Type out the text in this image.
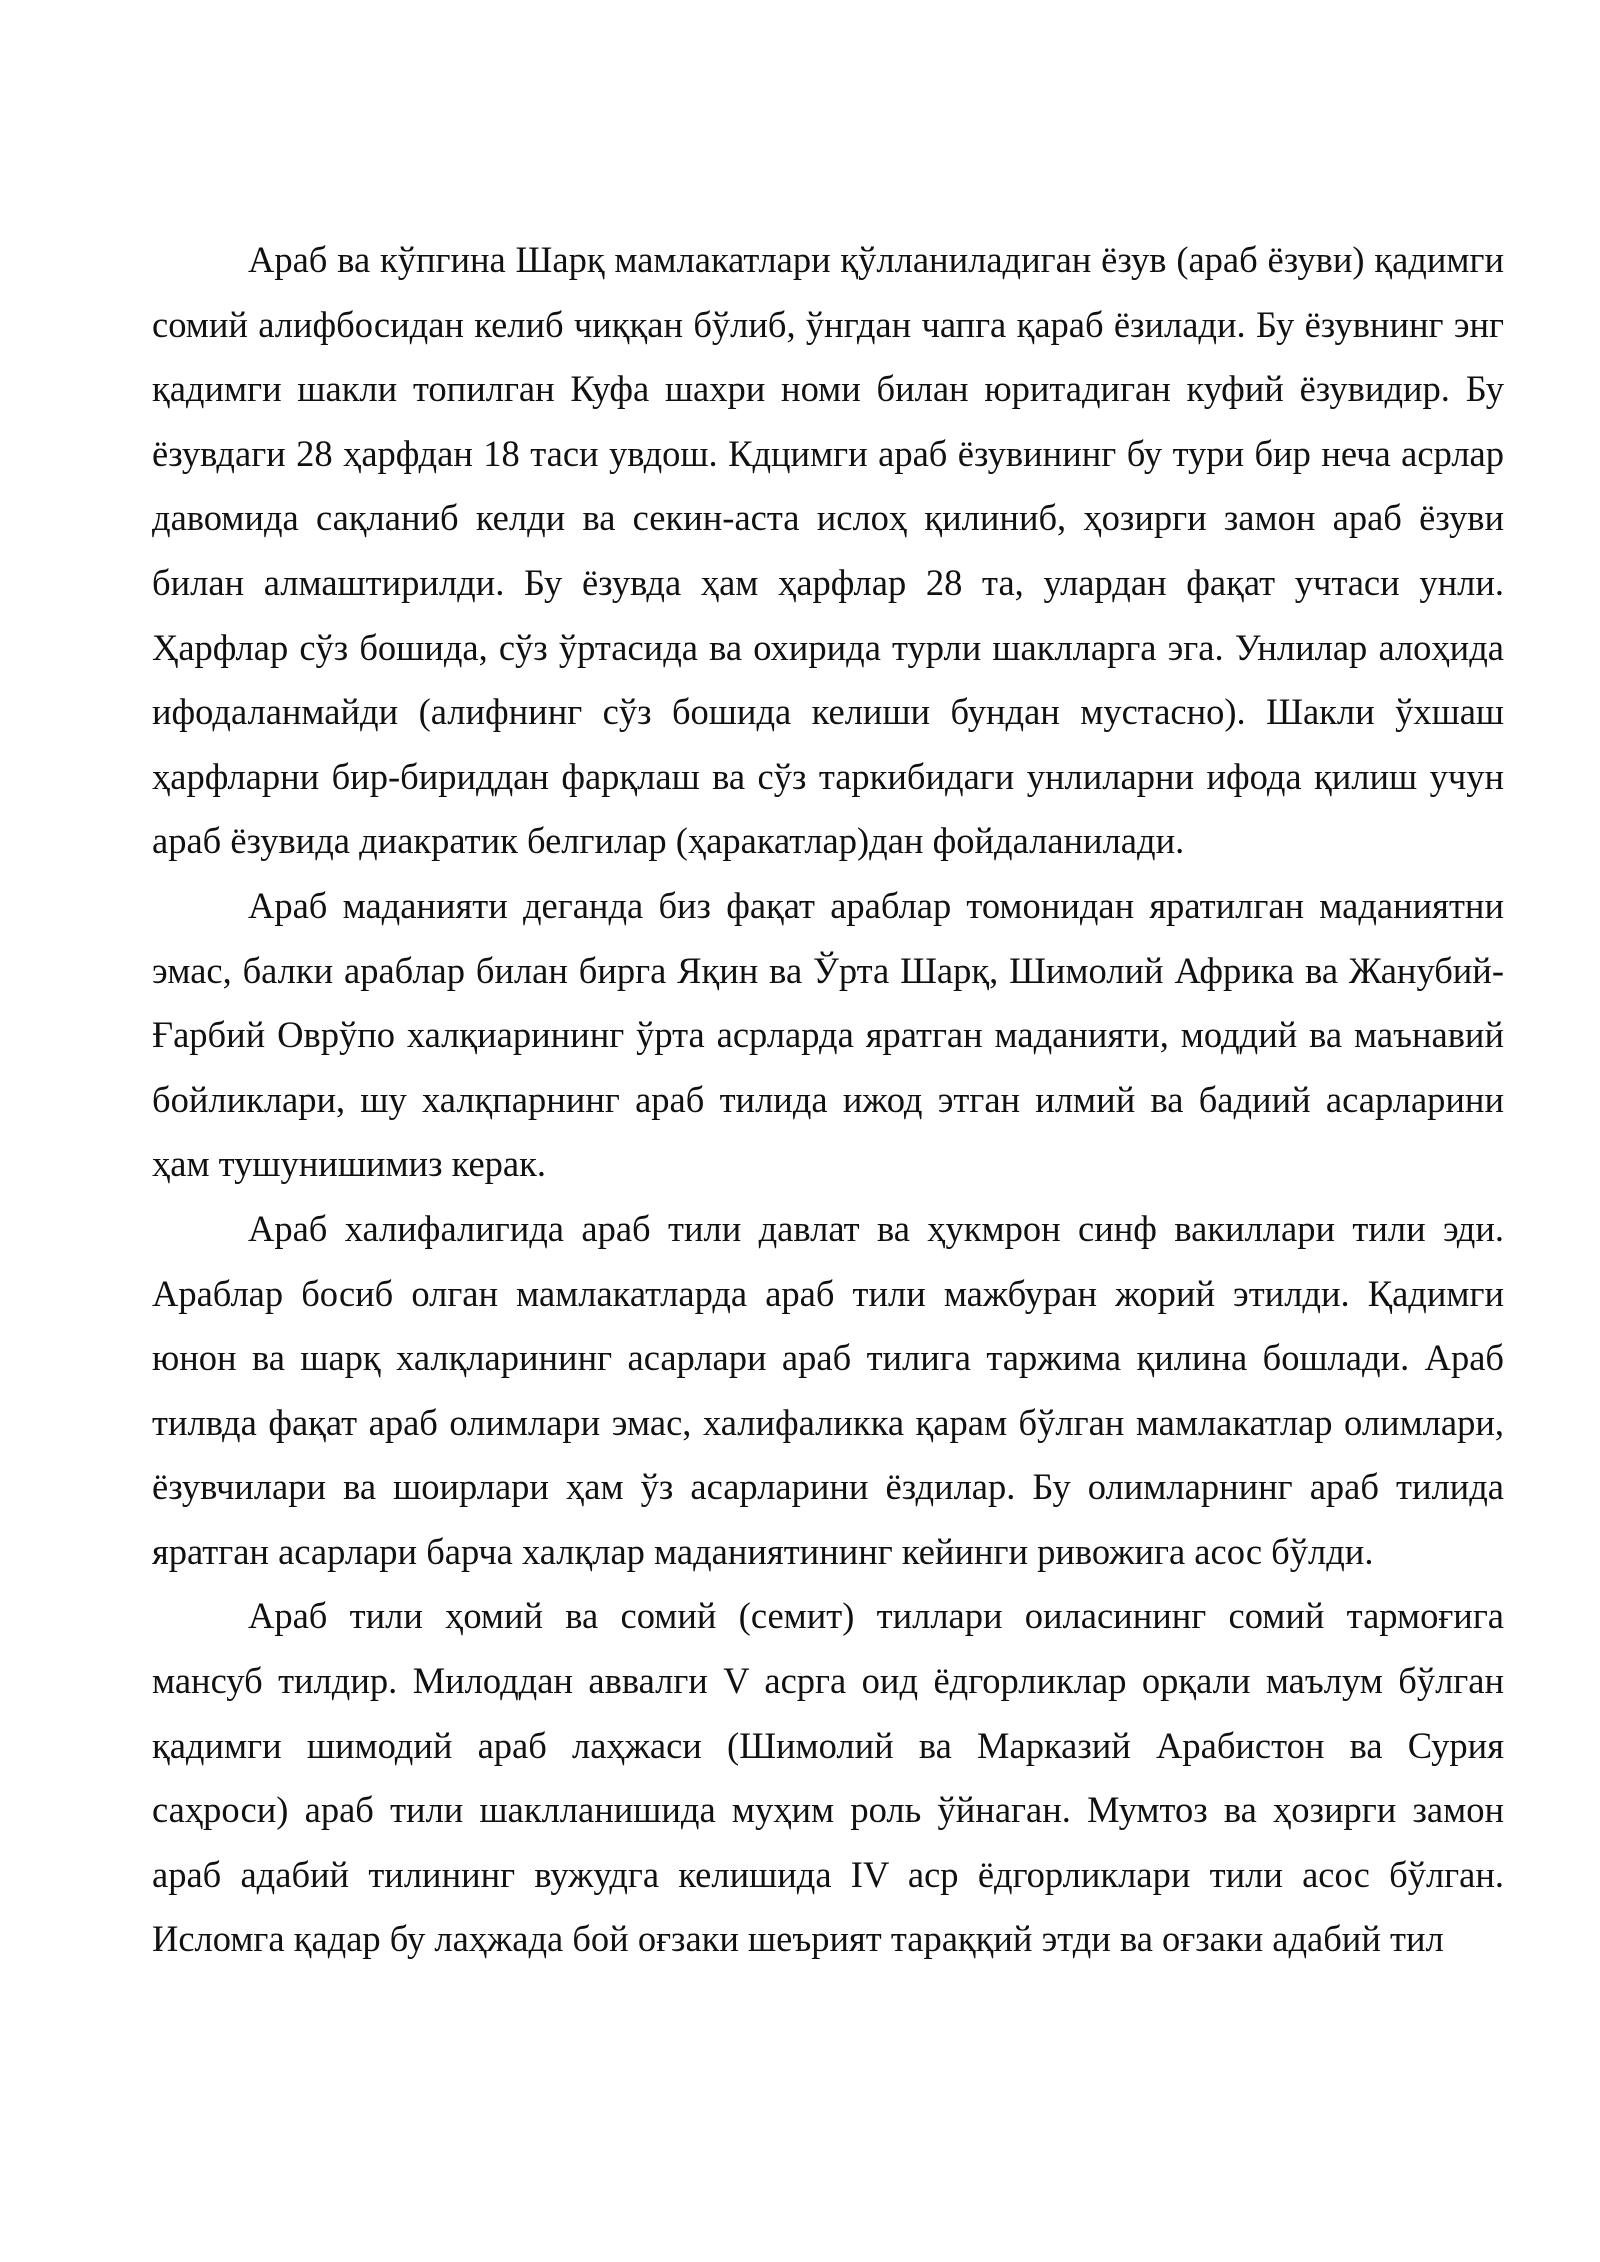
Араб ва кўпгина Шарқ мамлакатлари қўлланиладиган ёзув (араб ёзуви) қадимги сомий алифбосидан келиб чиққан бўлиб, ўнгдан чапга қараб ёзилади. Бу ёзувнинг энг қадимги шакли топилган Куфа шахри номи билан юритадиган куфий ёзувидир. Бу ёзувдаги 28 ҳарфдан 18 таси увдош. Кдцимги араб ёзувининг бу тури бир неча асрлар давомида сақланиб келди ва секин-аста ислоҳ қилиниб, ҳозирги замон араб ёзуви билан алмаштирилди. Бу ёзувда ҳам ҳарфлар 28 та, улардан фақат учтаси унли. Ҳарфлар сўз бошида, сўз ўртасида ва охирида турли шаклларга эга. Унлилар алоҳида ифодаланмайди (алифнинг сўз бошида келиши бундан мустасно). Шакли ўхшаш ҳарфларни бир-бириддан фарқлаш ва сўз таркибидаги унлиларни ифода қилиш учун араб ёзувида диакратик белгилар (ҳаракатлар)дан фойдаланилади.

Араб маданияти деганда биз фақат араблар томонидан яратилган маданиятни эмас, балки араблар билан бирга Яқин ва Ўрта Шарқ, Шимолий Африка ва Жанубий-Ғарбий Оврўпо халқиарининг ўрта асрларда яратган маданияти, моддий ва маънавий бойликлари, шу халқпарнинг араб тилида ижод этган илмий ва бадиий асарларини ҳам тушунишимиз керак.

Араб халифалигида араб тили давлат ва ҳукмрон синф вакиллари тили эди. Араблар босиб олган мамлакатларда араб тили мажбуран жорий этилди. Қадимги юнон ва шарқ халқларининг асарлари араб тилига таржима қилина бошлади. Араб тилвда фақат араб олимлари эмас, халифаликка қарам бўлган мамлакатлар олимлари, ёзувчилари ва шоирлари ҳам ўз асарларини ёздилар. Бу олимларнинг араб тилида яратган асарлари барча халқлар маданиятининг кейинги ривожига асос бўлди.

Араб тили ҳомий ва сомий (семит) тиллари оиласининг сомий тармоғига мансуб тилдир. Милоддан аввалги V асрга оид ёдгорликлар орқали маълум бўлган қадимги шимодий араб лаҳжаси (Шимолий ва Марказий Арабистон ва Сурия саҳроси) араб тили шаклланишида муҳим роль ўйнаган. Мумтоз ва ҳозирги замон араб адабий тилининг вужудга келишида IV аср ёдгорликлари тили асос бўлган. Исломга қадар бу лаҳжада бой оғзаки шеърият тараққий этди ва оғзаки адабий тил
